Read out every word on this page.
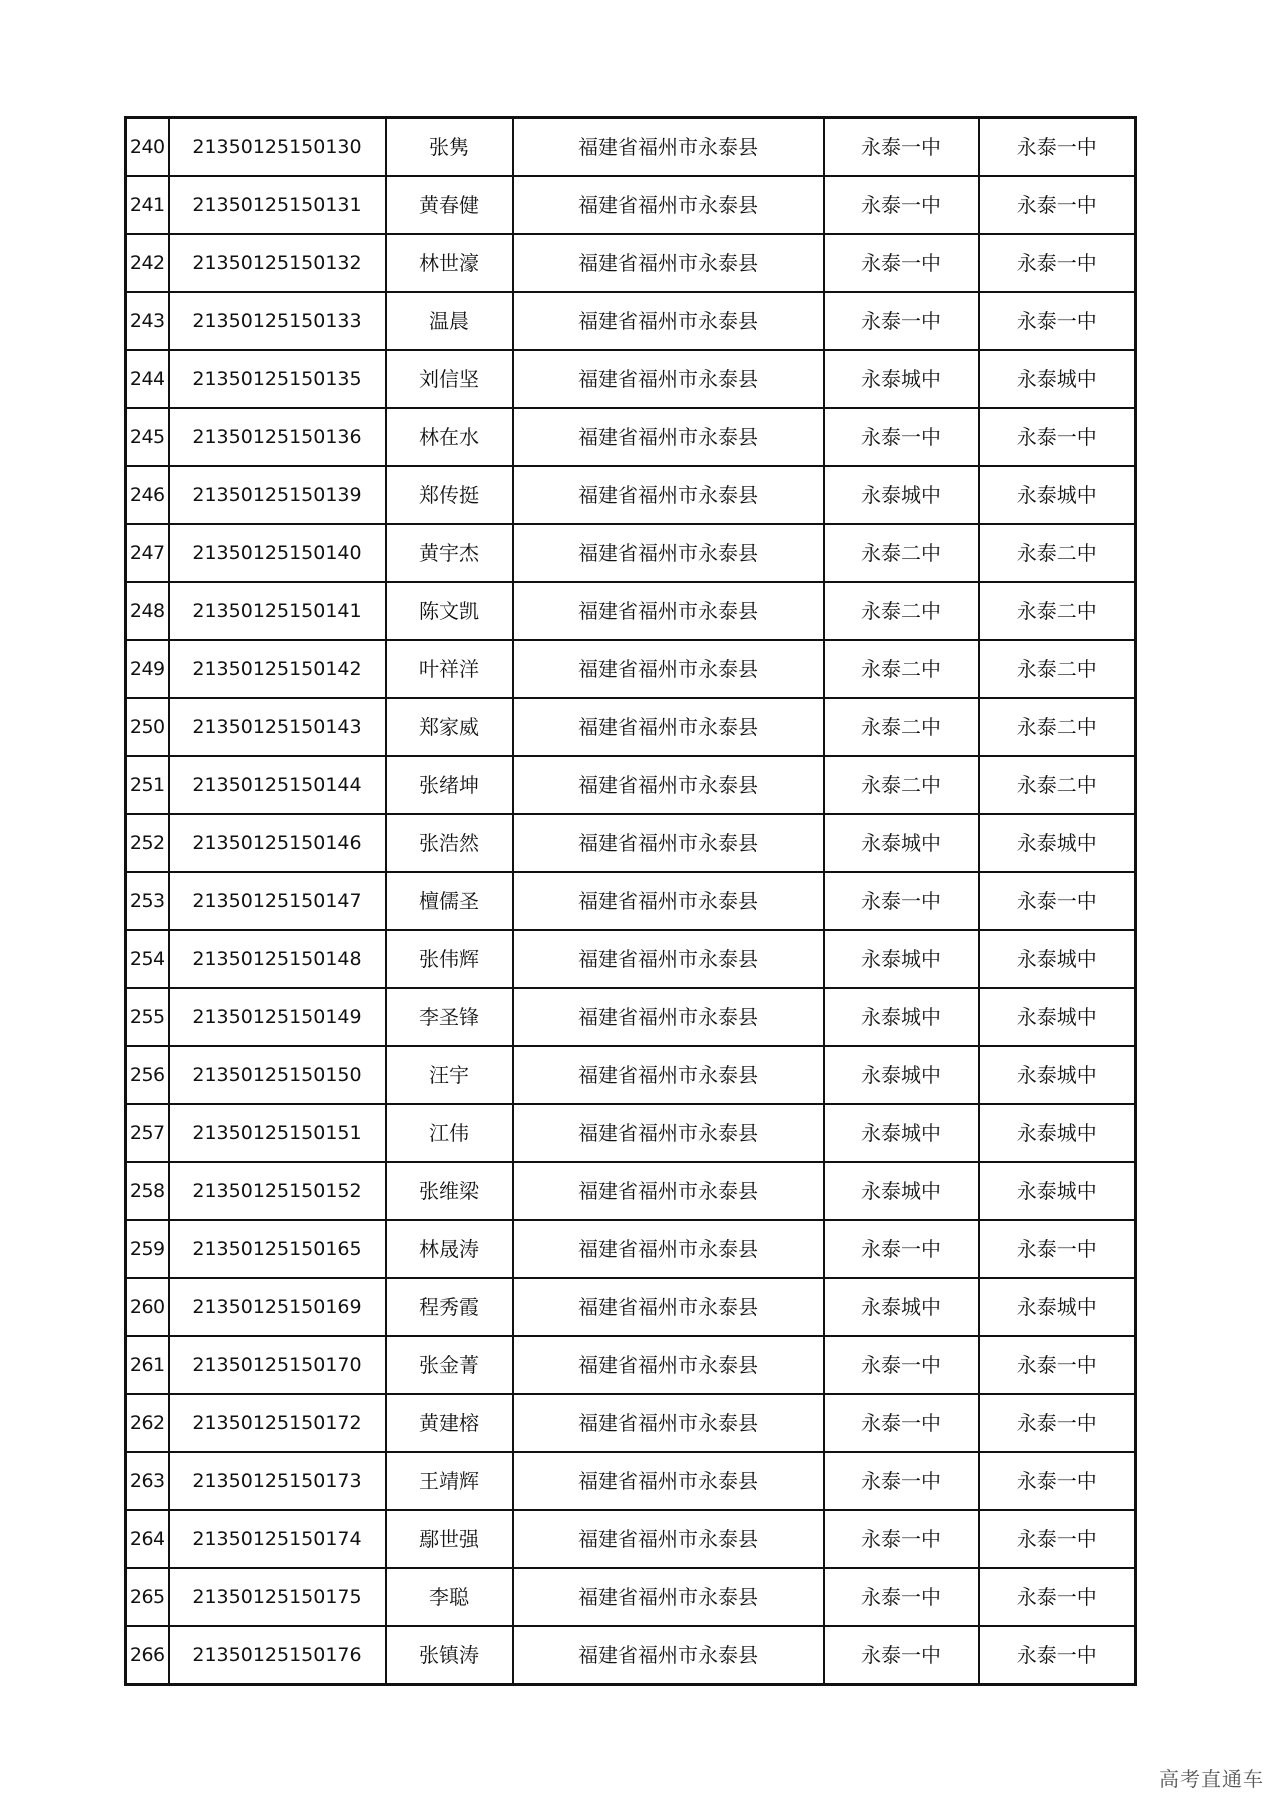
240	21350125150130	张隽	福建省福州市永泰县	永泰一中	永泰一中
241	21350125150131	黄春健	福建省福州市永泰县	永泰一中	永泰一中
242	21350125150132	林世濠	福建省福州市永泰县	永泰一中	永泰一中
243	21350125150133	温晨	福建省福州市永泰县	永泰一中	永泰一中
244	21350125150135	刘信坚	福建省福州市永泰县	永泰城中	永泰城中
245	21350125150136	林在水	福建省福州市永泰县	永泰一中	永泰一中
246	21350125150139	郑传挺	福建省福州市永泰县	永泰城中	永泰城中
247	21350125150140	黄宇杰	福建省福州市永泰县	永泰二中	永泰二中
248	21350125150141	陈文凯	福建省福州市永泰县	永泰二中	永泰二中
249	21350125150142	叶祥洋	福建省福州市永泰县	永泰二中	永泰二中
250	21350125150143	郑家威	福建省福州市永泰县	永泰二中	永泰二中
251	21350125150144	张绪坤	福建省福州市永泰县	永泰二中	永泰二中
252	21350125150146	张浩然	福建省福州市永泰县	永泰城中	永泰城中
253	21350125150147	檀儒圣	福建省福州市永泰县	永泰一中	永泰一中
254	21350125150148	张伟辉	福建省福州市永泰县	永泰城中	永泰城中
255	21350125150149	李圣锋	福建省福州市永泰县	永泰城中	永泰城中
256	21350125150150	汪宇	福建省福州市永泰县	永泰城中	永泰城中
257	21350125150151	江伟	福建省福州市永泰县	永泰城中	永泰城中
258	21350125150152	张维梁	福建省福州市永泰县	永泰城中	永泰城中
259	21350125150165	林晟涛	福建省福州市永泰县	永泰一中	永泰一中
260	21350125150169	程秀霞	福建省福州市永泰县	永泰城中	永泰城中
261	21350125150170	张金菁	福建省福州市永泰县	永泰一中	永泰一中
262	21350125150172	黄建榕	福建省福州市永泰县	永泰一中	永泰一中
263	21350125150173	王靖辉	福建省福州市永泰县	永泰一中	永泰一中
264	21350125150174	鄢世强	福建省福州市永泰县	永泰一中	永泰一中
265	21350125150175	李聪	福建省福州市永泰县	永泰一中	永泰一中
266	21350125150176	张镇涛	福建省福州市永泰县	永泰一中	永泰一中
高考直通车
